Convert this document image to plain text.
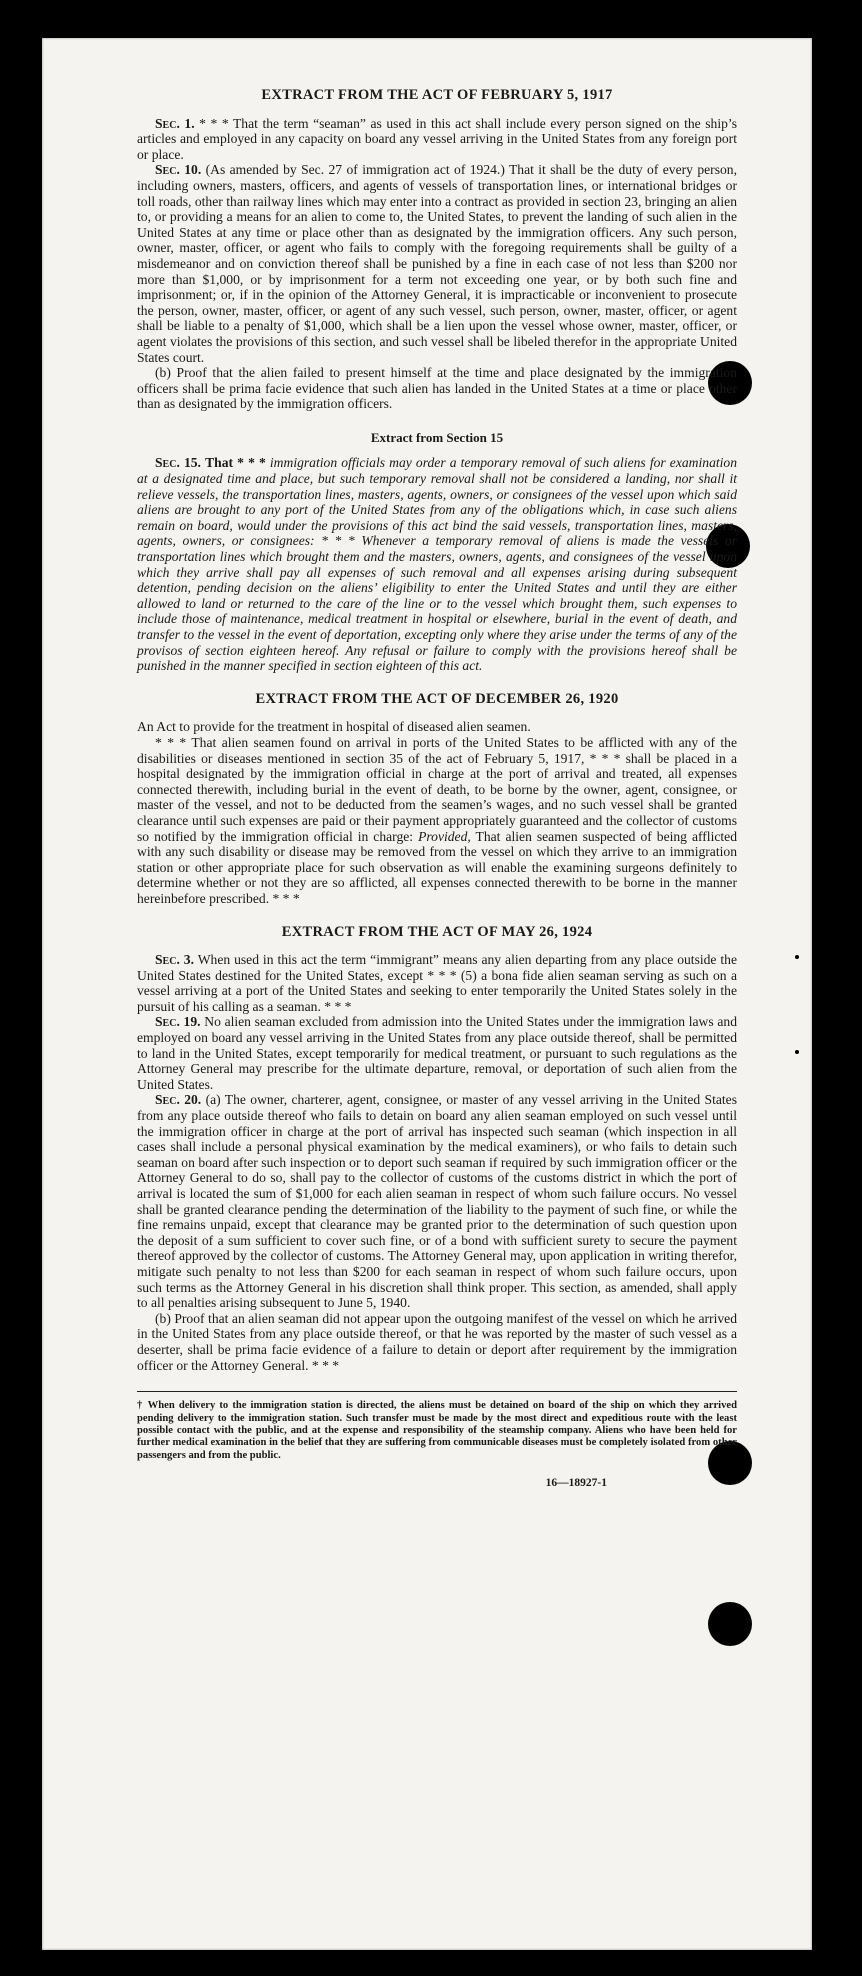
EXTRACT FROM THE ACT OF FEBRUARY 5, 1917

Sec. 1. * * * That the term “seaman” as used in this act shall include every person signed on the ship’s articles and employed in any capacity on board any vessel arriving in the United States from any foreign port or place.

Sec. 10. (As amended by Sec. 27 of immigration act of 1924.) That it shall be the duty of every person, including owners, masters, officers, and agents of vessels of transportation lines, or international bridges or toll roads, other than railway lines which may enter into a contract as provided in section 23, bringing an alien to, or providing a means for an alien to come to, the United States, to prevent the landing of such alien in the United States at any time or place other than as designated by the immigration officers. Any such person, owner, master, officer, or agent who fails to comply with the foregoing requirements shall be guilty of a misdemeanor and on conviction thereof shall be punished by a fine in each case of not less than $200 nor more than $1,000, or by imprisonment for a term not exceeding one year, or by both such fine and imprisonment; or, if in the opinion of the Attorney General, it is impracticable or inconvenient to prosecute the person, owner, master, officer, or agent of any such vessel, such person, owner, master, officer, or agent shall be liable to a penalty of $1,000, which shall be a lien upon the vessel whose owner, master, officer, or agent violates the provisions of this section, and such vessel shall be libeled therefor in the appropriate United States court.

(b) Proof that the alien failed to present himself at the time and place designated by the immigration officers shall be prima facie evidence that such alien has landed in the United States at a time or place other than as designated by the immigration officers.

Extract from Section 15

Sec. 15. That * * * immigration officials may order a temporary removal of such aliens for examination at a designated time and place, but such temporary removal shall not be considered a landing, nor shall it relieve vessels, the transportation lines, masters, agents, owners, or consignees of the vessel upon which said aliens are brought to any port of the United States from any of the obligations which, in case such aliens remain on board, would under the provisions of this act bind the said vessels, transportation lines, masters, agents, owners, or consignees: * * * Whenever a temporary removal of aliens is made the vessels or transportation lines which brought them and the masters, owners, agents, and consignees of the vessel upon which they arrive shall pay all expenses of such removal and all expenses arising during subsequent detention, pending decision on the aliens’ eligibility to enter the United States and until they are either allowed to land or returned to the care of the line or to the vessel which brought them, such expenses to include those of maintenance, medical treatment in hospital or elsewhere, burial in the event of death, and transfer to the vessel in the event of deportation, excepting only where they arise under the terms of any of the provisos of section eighteen hereof. Any refusal or failure to comply with the provisions hereof shall be punished in the manner specified in section eighteen of this act.

EXTRACT FROM THE ACT OF DECEMBER 26, 1920

An Act to provide for the treatment in hospital of diseased alien seamen.

* * * That alien seamen found on arrival in ports of the United States to be afflicted with any of the disabilities or diseases mentioned in section 35 of the act of February 5, 1917, * * * shall be placed in a hospital designated by the immigration official in charge at the port of arrival and treated, all expenses connected therewith, including burial in the event of death, to be borne by the owner, agent, consignee, or master of the vessel, and not to be deducted from the seamen’s wages, and no such vessel shall be granted clearance until such expenses are paid or their payment appropriately guaranteed and the collector of customs so notified by the immigration official in charge: Provided, That alien seamen suspected of being afflicted with any such disability or disease may be removed from the vessel on which they arrive to an immigration station or other appropriate place for such observation as will enable the examining surgeons definitely to determine whether or not they are so afflicted, all expenses connected therewith to be borne in the manner hereinbefore prescribed. * * *

EXTRACT FROM THE ACT OF MAY 26, 1924

Sec. 3. When used in this act the term “immigrant” means any alien departing from any place outside the United States destined for the United States, except * * * (5) a bona fide alien seaman serving as such on a vessel arriving at a port of the United States and seeking to enter temporarily the United States solely in the pursuit of his calling as a seaman. * * *

Sec. 19. No alien seaman excluded from admission into the United States under the immigration laws and employed on board any vessel arriving in the United States from any place outside thereof, shall be permitted to land in the United States, except temporarily for medical treatment, or pursuant to such regulations as the Attorney General may prescribe for the ultimate departure, removal, or deportation of such alien from the United States.

Sec. 20. (a) The owner, charterer, agent, consignee, or master of any vessel arriving in the United States from any place outside thereof who fails to detain on board any alien seaman employed on such vessel until the immigration officer in charge at the port of arrival has inspected such seaman (which inspection in all cases shall include a personal physical examination by the medical examiners), or who fails to detain such seaman on board after such inspection or to deport such seaman if required by such immigration officer or the Attorney General to do so, shall pay to the collector of customs of the customs district in which the port of arrival is located the sum of $1,000 for each alien seaman in respect of whom such failure occurs. No vessel shall be granted clearance pending the determination of the liability to the payment of such fine, or while the fine remains unpaid, except that clearance may be granted prior to the determination of such question upon the deposit of a sum sufficient to cover such fine, or of a bond with sufficient surety to secure the payment thereof approved by the collector of customs. The Attorney General may, upon application in writing therefor, mitigate such penalty to not less than $200 for each seaman in respect of whom such failure occurs, upon such terms as the Attorney General in his discretion shall think proper. This section, as amended, shall apply to all penalties arising subsequent to June 5, 1940.

(b) Proof that an alien seaman did not appear upon the outgoing manifest of the vessel on which he arrived in the United States from any place outside thereof, or that he was reported by the master of such vessel as a deserter, shall be prima facie evidence of a failure to detain or deport after requirement by the immigration officer or the Attorney General. * * *

† When delivery to the immigration station is directed, the aliens must be detained on board of the ship on which they arrived pending delivery to the immigration station. Such transfer must be made by the most direct and expeditious route with the least possible contact with the public, and at the expense and responsibility of the steamship company. Aliens who have been held for further medical examination in the belief that they are suffering from communicable diseases must be completely isolated from other passengers and from the public.

16—18927-1
